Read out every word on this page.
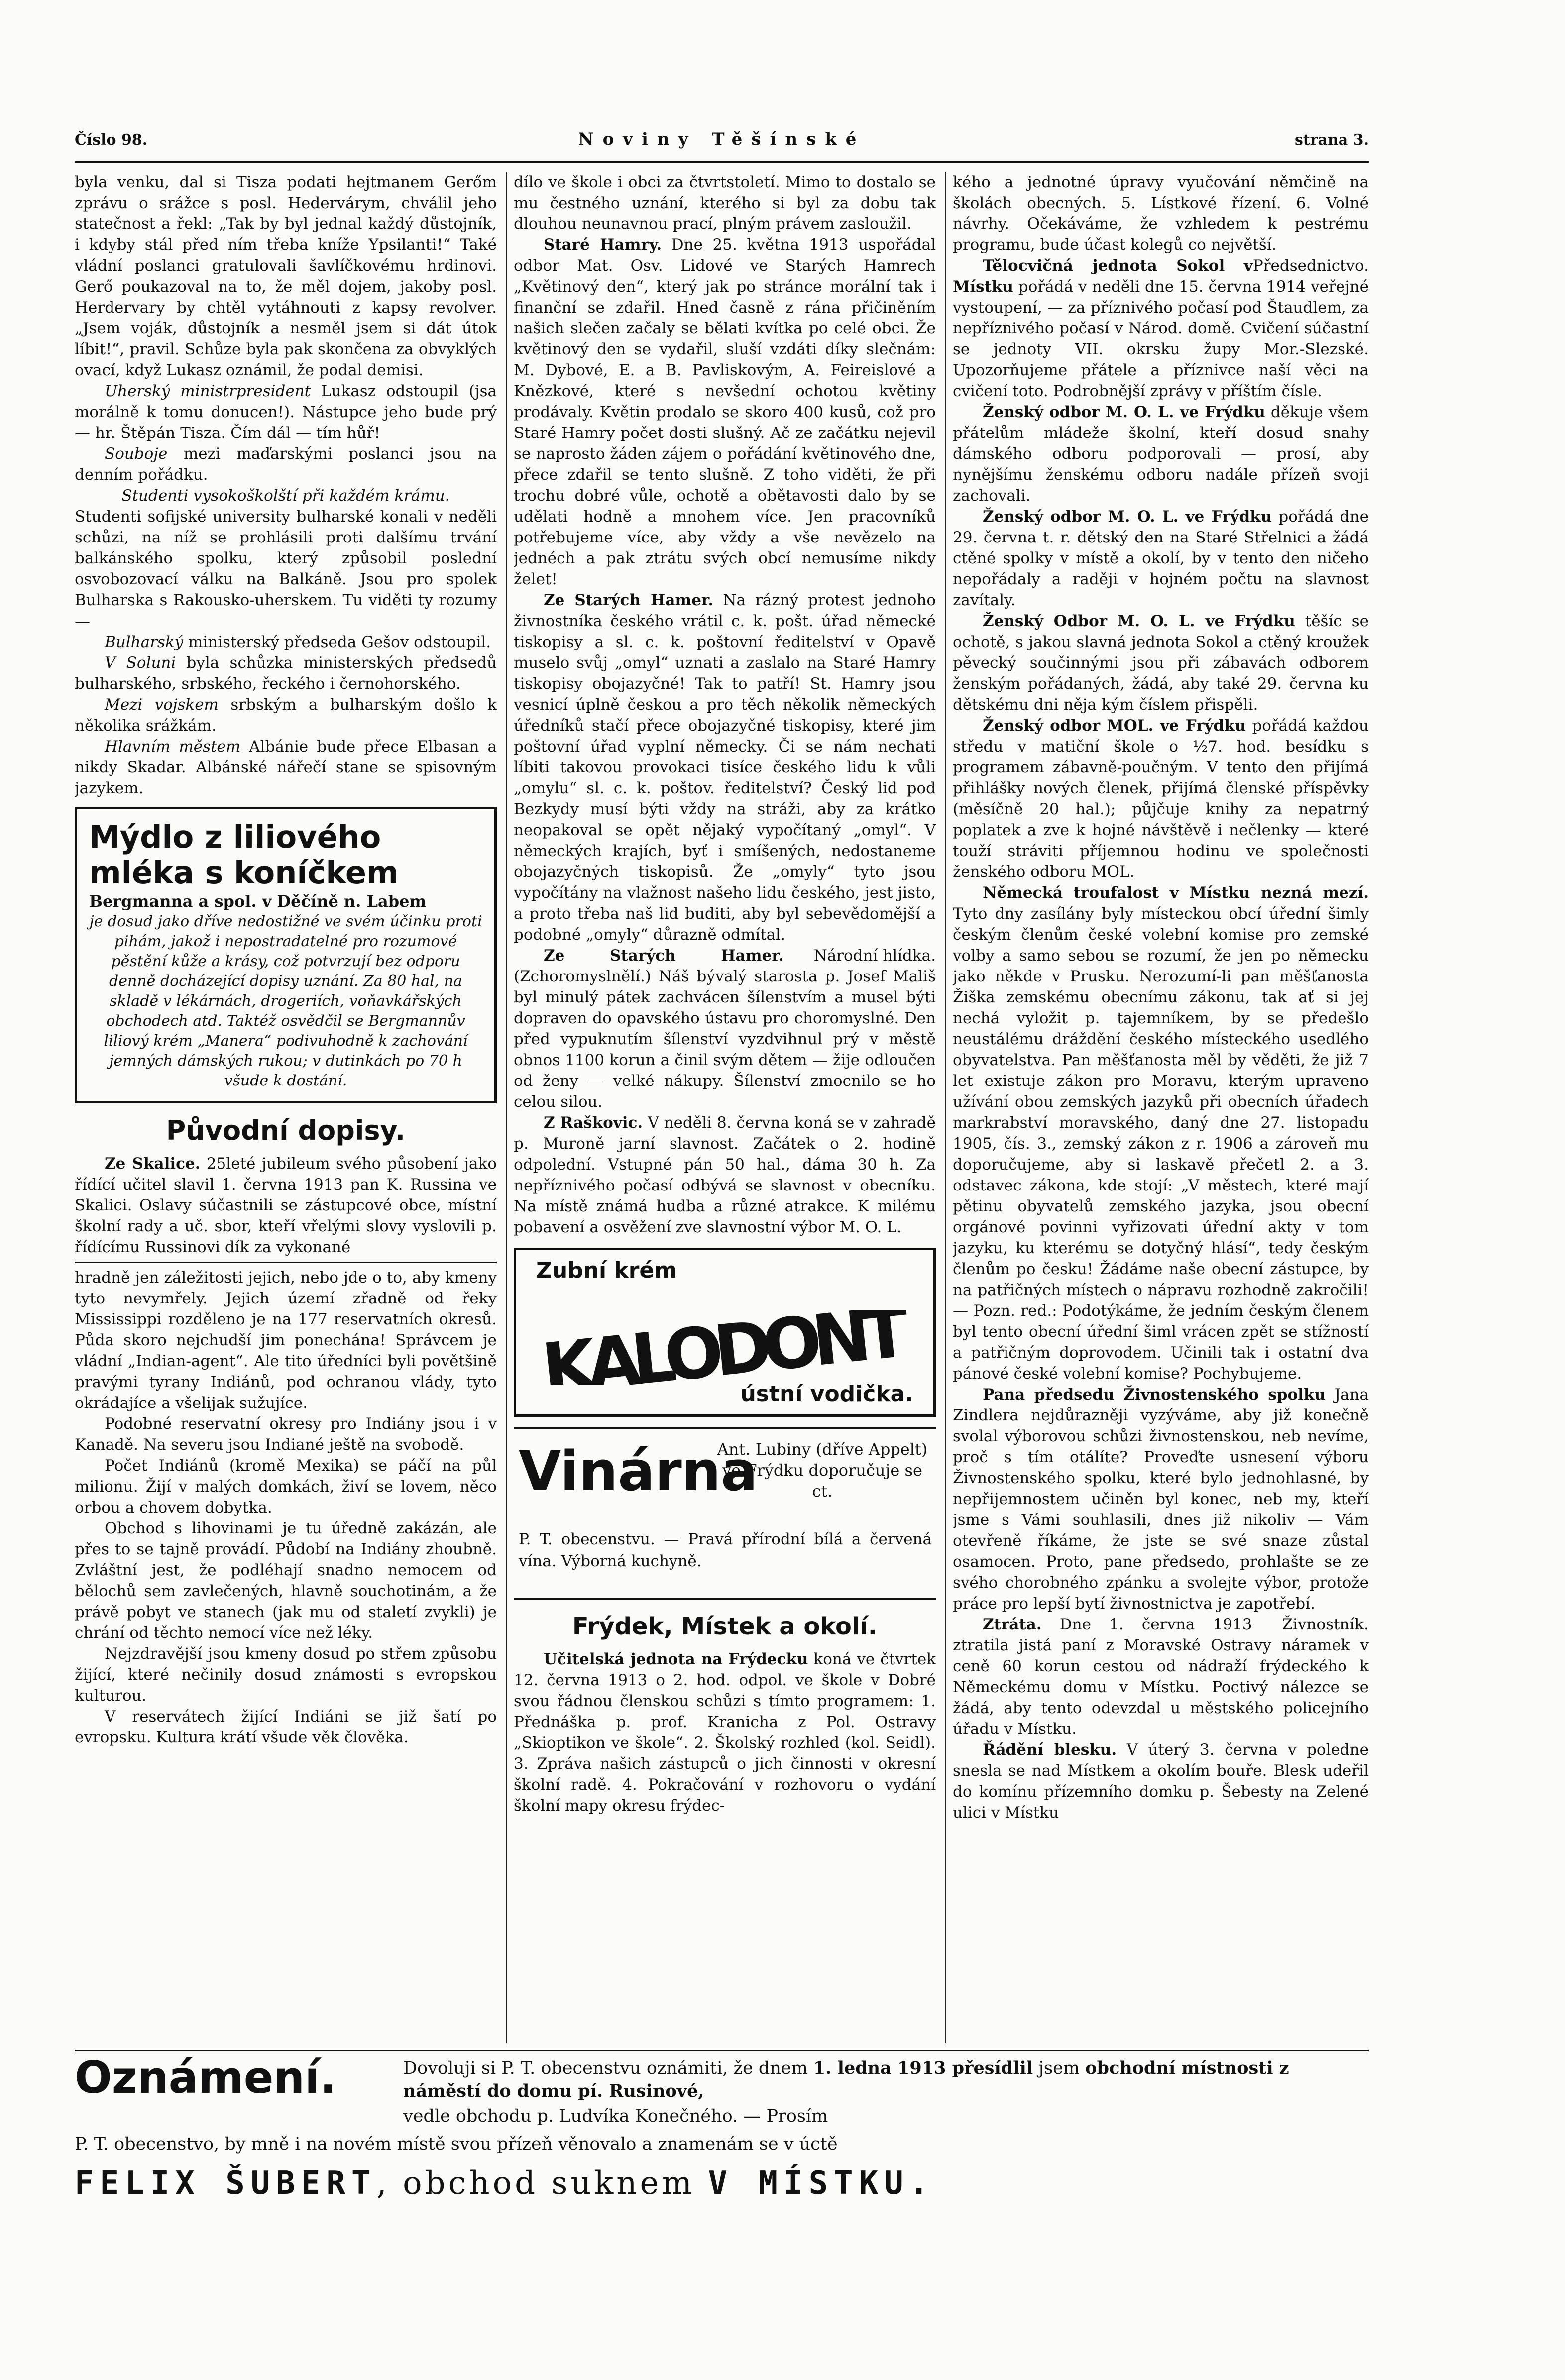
Číslo 98.	Noviny Těšínské	strana 3.

byla venku, dal si Tisza podati hejtmanem Gerőm zprávu o srážce s posl. Hedervárym, chválil jeho statečnost a řekl: „Tak by byl jednal každý důstojník, i kdyby stál před ním třeba kníže Ypsilanti!“ Také vládní poslanci gratulovali šavlíčkovému hrdinovi. Gerő poukazoval na to, že měl dojem, jakoby posl. Herdervary by chtěl vytáhnouti z kapsy revolver. „Jsem voják, důstojník a nesměl jsem si dát útok líbit!“, pravil. Schůze byla pak skončena za obvyklých ovací, když Lukasz oznámil, že podal demisi.

Uherský ministrpresident Lukasz odstoupil (jsa morálně k tomu donucen!). Nástupce jeho bude prý — hr. Štěpán Tisza. Čím dál — tím hůř!

Souboje mezi maďarskými poslanci jsou na denním pořádku.

Studenti vysokoškolští při každém krámu.

Studenti sofijské university bulharské konali v neděli schůzi, na níž se prohlásili proti dalšímu trvání balkánského spolku, který způsobil poslední osvobozovací válku na Balkáně. Jsou pro spolek Bulharska s Rakousko-uherskem. Tu viděti ty rozumy —

Bulharský ministerský předseda Gešov odstoupil.

V Soluni byla schůzka ministerských předsedů bulharského, srbského, řeckého i černohorského.

Mezi vojskem srbským a bulharským došlo k několika srážkám.

Hlavním městem Albánie bude přece Elbasan a nikdy Skadar. Albánské nářečí stane se spisovným jazykem.

Mýdlo z liliového
mléka s koníčkem
Bergmanna a spol. v Děčíně n. Labem
je dosud jako dříve nedostižné ve svém účinku proti pihám, jakož i nepostradatelné pro rozumové pěstění kůže a krásy, což potvrzují bez odporu denně docházející dopisy uznání. Za 80 hal, na skladě v lékárnách, drogeriích, voňavkářských obchodech atd. Taktéž osvědčil se Bergmannův liliový krém „Manera“ podivuhodně k zachování jemných dámských rukou; v dutinkách po 70 h všude k dostání.
Původní dopisy.

Ze Skalice. 25leté jubileum svého působení jako řídící učitel slavil 1. června 1913 pan K. Russina ve Skalici. Oslavy súčastnili se zástupcové obce, místní školní rady a uč. sbor, kteří vřelými slovy vyslovili p. řídícímu Russinovi dík za vykonané

hradně jen záležitosti jejich, nebo jde o to, aby kmeny tyto nevymřely. Jejich území zřadně od řeky Mississippi rozděleno je na 177 reservatních okresů. Půda skoro nejchudší jim ponechána! Správcem je vládní „Indian-agent“. Ale tito úředníci byli povětšině pravými tyrany Indiánů, pod ochranou vlády, tyto okrádajíce a všelijak sužujíce.

Podobné reservatní okresy pro Indiány jsou i v Kanadě. Na severu jsou Indiané ještě na svobodě.

Počet Indiánů (kromě Mexika) se páčí na půl milionu. Žijí v malých domkách, živí se lovem, něco orbou a chovem dobytka.

Obchod s lihovinami je tu úředně zakázán, ale přes to se tajně provádí. Půdobí na Indiány zhoubně. Zvláštní jest, že podléhají snadno nemocem od bělochů sem zavlečených, hlavně souchotinám, a že právě pobyt ve stanech (jak mu od staletí zvykli) je chrání od těchto nemocí více než léky.

Nejzdravější jsou kmeny dosud po střem způsobu žijící, které nečinily dosud známosti s evropskou kulturou.

V reservátech žijící Indiáni se již šatí po evropsku. Kultura krátí všude věk člověka.

dílo ve škole i obci za čtvrtstoletí. Mimo to dostalo se mu čestného uznání, kterého si byl za dobu tak dlouhou neunavnou prací, plným právem zasloužil.

Staré Hamry. Dne 25. května 1913 uspořádal odbor Mat. Osv. Lidové ve Starých Hamrech „Květinový den“, který jak po stránce morální tak i finanční se zdařil. Hned časně z rána přičiněním našich slečen začaly se bělati kvítka po celé obci. Že květinový den se vydařil, sluší vzdáti díky slečnám: M. Dybové, E. a B. Pavliskovým, A. Feireislové a Knězkové, které s nevšední ochotou květiny prodávaly. Květin prodalo se skoro 400 kusů, což pro Staré Hamry počet dosti slušný. Ač ze začátku nejevil se naprosto žáden zájem o pořádání květinového dne, přece zdařil se tento slušně. Z toho viděti, že při trochu dobré vůle, ochotě a obětavosti dalo by se udělati hodně a mnohem více. Jen pracovníků potřebujeme více, aby vždy a vše nevězelo na jednéch a pak ztrátu svých obcí nemusíme nikdy želet!

Ze Starých Hamer. Na rázný protest jednoho živnostníka českého vrátil c. k. pošt. úřad německé tiskopisy a sl. c. k. poštovní ředitelství v Opavě muselo svůj „omyl“ uznati a zaslalo na Staré Hamry tiskopisy obojazyčné! Tak to patří! St. Hamry jsou vesnicí úplně českou a pro těch několik německých úředníků stačí přece obojazyčné tiskopisy, které jim poštovní úřad vyplní německy. Či se nám nechati líbiti takovou provokaci tisíce českého lidu k vůli „omylu“ sl. c. k. poštov. ředitelství? Český lid pod Bezkydy musí býti vždy na stráži, aby za krátko neopakoval se opět nějaký vypočítaný „omyl“. V německých krajích, byť i smíšených, nedostaneme obojazyčných tiskopisů. Že „omyly“ tyto jsou vypočítány na vlažnost našeho lidu českého, jest jisto, a proto třeba naš lid buditi, aby byl sebevědomější a podobné „omyly“ důrazně odmítal.
Národní hlídka.

Ze Starých Hamer. (Zchoromyslnělí.) Náš bývalý starosta p. Josef Mališ byl minulý pátek zachvácen šílenstvím a musel býti dopraven do opavského ústavu pro choromyslné. Den před vypuknutím šílenství vyzdvihnul prý v městě obnos 1100 korun a činil svým dětem — žije odloučen od ženy — velké nákupy. Šílenství zmocnilo se ho celou silou.

Z Raškovic. V neděli 8. června koná se v zahradě p. Muroně jarní slavnost. Začátek o 2. hodině odpolední. Vstupné pán 50 hal., dáma 30 h. Za nepříznivého počasí odbývá se slavnost v obecníku. Na místě známá hudba a různé atrakce. K milému pobavení a osvěžení zve slavnostní výbor M. O. L.

Zubní krém
KALODONT
ústní vodička.
Vinárna
Ant. Lubiny (dříve Appelt) ve Frýdku doporučuje se ct.
P. T. obecenstvu. — Pravá přírodní bílá a červená vína. Výborná kuchyně.
Frýdek, Místek a okolí.

Učitelská jednota na Frýdecku koná ve čtvrtek 12. června 1913 o 2. hod. odpol. ve škole v Dobré svou řádnou členskou schůzi s tímto programem: 1. Přednáška p. prof. Kranicha z Pol. Ostravy „Skioptikon ve škole“. 2. Školský rozhled (kol. Seidl). 3. Zpráva našich zástupců o jich činnosti v okresní školní radě. 4. Pokračování v rozhovoru o vydání školní mapy okresu frýdec-

kého a jednotné úpravy vyučování němčině na školách obecných. 5. Lístkové řízení. 6. Volné návrhy. Očekáváme, že vzhledem k pestrému programu, bude účast kolegů co největší.
Předsednictvo.

Tělocvičná jednota Sokol v Místku pořádá v neděli dne 15. června 1914 veřejné vystoupení, — za příznivého počasí pod Štaudlem, za nepříznivého počasí v Národ. domě. Cvičení súčastní se jednoty VII. okrsku župy Mor.-Slezské. Upozorňujeme přátele a příznivce naší věci na cvičení toto. Podrobnější zprávy v příštím čísle.

Ženský odbor M. O. L. ve Frýdku děkuje všem přátelům mládeže školní, kteří dosud snahy dámského odboru podporovali — prosí, aby nynějšímu ženskému odboru nadále přízeň svoji zachovali.

Ženský odbor M. O. L. ve Frýdku pořádá dne 29. června t. r. dětský den na Staré Střelnici a žádá ctěné spolky v místě a okolí, by v tento den ničeho nepořádaly a raději v hojném počtu na slavnost zavítaly.

Ženský Odbor M. O. L. ve Frýdku těšíc se ochotě, s jakou slavná jednota Sokol a ctěný kroužek pěvecký součinnými jsou při zábavách odborem ženským pořádaných, žádá, aby také 29. června ku dětskému dni něja kým číslem přispěli.

Ženský odbor MOL. ve Frýdku pořádá každou středu v matiční škole o ½7. hod. besídku s programem zábavně-poučným. V tento den přijímá přihlášky nových členek, přijímá členské příspěvky (měsíčně 20 hal.); půjčuje knihy za nepatrný poplatek a zve k hojné návštěvě i nečlenky — které touží stráviti příjemnou hodinu ve společnosti ženského odboru MOL.

Německá troufalost v Místku nezná mezí. Tyto dny zasílány byly místeckou obcí úřední šimly českým členům české volební komise pro zemské volby a samo sebou se rozumí, že jen po německu jako někde v Prusku. Nerozumí-li pan měšťanosta Žiška zemskému obecnímu zákonu, tak ať si jej nechá vyložit p. tajemníkem, by se předešlo neustálému dráždění českého místeckého usedlého obyvatelstva. Pan měšťanosta měl by věděti, že již 7 let existuje zákon pro Moravu, kterým upraveno užívání obou zemských jazyků při obecních úřadech markrabství moravského, daný dne 27. listopadu 1905, čís. 3., zemský zákon z r. 1906 a zároveň mu doporučujeme, aby si laskavě přečetl 2. a 3. odstavec zákona, kde stojí: „V městech, které mají pětinu obyvatelů zemského jazyka, jsou obecní orgánové povinni vyřizovati úřední akty v tom jazyku, ku kterému se dotyčný hlásí“, tedy českým členům po česku! Žádáme naše obecní zástupce, by na patřičných místech o nápravu rozhodně zakročili! — Pozn. red.: Podotýkáme, že jedním českým členem byl tento obecní úřední šiml vrácen zpět se stížností a patřičným doprovodem. Učinili tak i ostatní dva pánové české volební komise? Pochybujeme.

Pana předsedu Živnostenského spolku Jana Zindlera nejdůrazněji vyzýváme, aby již konečně svolal výborovou schůzi živnostenskou, neb nevíme, proč s tím otálíte? Proveďte usnesení výboru Živnostenského spolku, které bylo jednohlasné, by nepřijemnostem učiněn byl konec, neb my, kteří jsme s Vámi souhlasili, dnes již nikoliv — Vám otevřeně říkáme, že jste se své snaze zůstal osamocen. Proto, pane předsedo, prohlašte se ze svého chorobného zpánku a svolejte výbor, protože práce pro lepší bytí živnostnictva je zapotřebí.
Živnostník.

Ztráta. Dne 1. června 1913 ztratila jistá paní z Moravské Ostravy náramek v ceně 60 korun cestou od nádraží frýdeckého k Německému domu v Místku. Poctivý nálezce se žádá, aby tento odevzdal u městského policejního úřadu v Místku.

Řádění blesku. V úterý 3. června v poledne snesla se nad Místkem a okolím bouře. Blesk udeřil do komínu přízemního domku p. Šebesty na Zelené ulici v Místku

Oznámení.	Dovoluji si P. T. obecenstvu oznámiti, že dnem 1. ledna 1913 přesídlil jsem obchodní místnosti z náměstí do domu pí. Rusinové,
vedle obchodu p. Ludvíka Konečného. — Prosím
P. T. obecenstvo, by mně i na novém místě svou přízeň věnovalo a znamenám se v úctě
FELIX ŠUBERT, obchod suknem V MÍSTKU.
